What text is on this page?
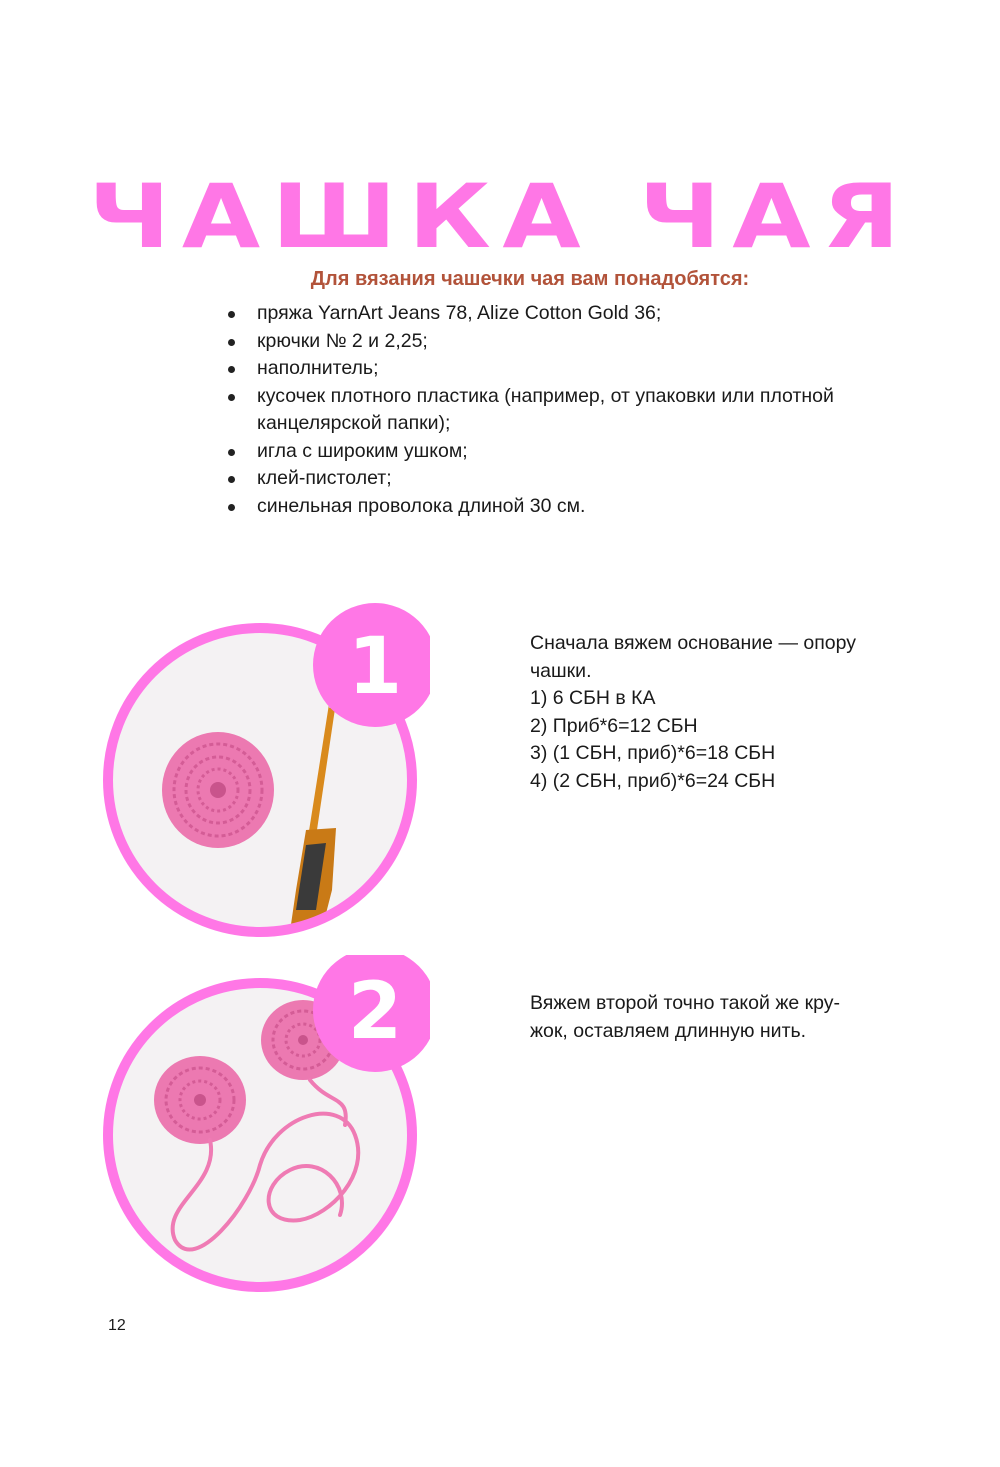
ЧАШКА ЧАЯ
Для вязания чашечки чая вам понадобятся:
пряжа YarnArt Jeans 78, Alize Cotton Gold 36;
крючки № 2 и 2,25;
наполнитель;
кусочек плотного пластика (например, от упаковки или плотной канцелярской папки);
игла с широким ушком;
клей-пистолет;
синельная проволока длиной 30 см.
1	Сначала вяжем основание — опору

чашки.

1) 6 СБН в КА

2) Приб*6=12 СБН

3) (1 СБН, приб)*6=18 СБН

4) (2 СБН, приб)*6=24 СБН

2	Вяжем второй точно такой же кру-

жок, оставляем длинную нить.

12
